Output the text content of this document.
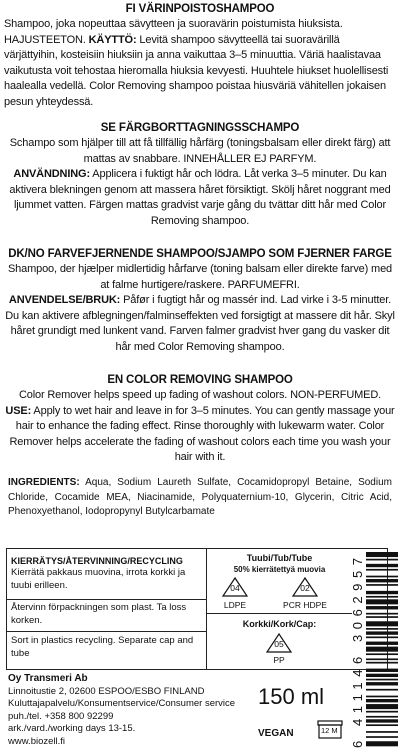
FI VÄRINPOISTOSHAMPOO

Shampoo, joka nopeuttaa sävytteen ja suoravärin poistumista hiuksista. HAJUSTEETON. KÄYTTÖ: Levitä shampoo sävytteellä tai suoravärillä värjättyihin, kosteisiin hiuksiin ja anna vaikuttaa 3–5 minuuttia. Väriä haalistavaa vaikutusta voit tehostaa hieromalla hiuksia kevyesti. Huuhtele hiukset huolellisesti haalealla vedellä. Color Removing shampoo poistaa hiusväriä vähitellen jokaisen pesun yhteydessä.

SE FÄRGBORTTAGNINGSSCHAMPO

Schampo som hjälper till att få tillfällig hårfärg (toningsbalsam eller direkt färg) att mattas av snabbare. INNEHÅLLER EJ PARFYM.

ANVÄNDNING: Applicera i fuktigt hår och lödra. Låt verka 3–5 minuter. Du kan aktivera blekningen genom att massera håret försiktigt. Skölj håret noggrant med ljummet vatten. Färgen mattas gradvist varje gång du tvättar ditt hår med Color Removing shampoo.

DK/NO FARVEFJERNENDE SHAMPOO/SJAMPO SOM FJERNER FARGE

Shampoo, der hjælper midlertidig hårfarve (toning balsam eller direkte farve) med at falme hurtigere/raskere. PARFUMEFRI.

ANVENDELSE/BRUK: Påfør i fugtigt hår og massér ind. Lad virke i 3-5 minutter. Du kan aktivere afblegningen/falminseffekten ved forsigtigt at massere dit hår. Skyl håret grundigt med lunkent vand. Farven falmer gradvist hver gang du vasker dit hår med Color Removing shampoo.

EN COLOR REMOVING SHAMPOO

Color Remover helps speed up fading of washout colors. NON-PERFUMED.

USE: Apply to wet hair and leave in for 3–5 minutes. You can gently massage your hair to enhance the fading effect. Rinse thoroughly with lukewarm water. Color Remover helps accelerate the fading of washout colors each time you wash your hair with it.

INGREDIENTS: Aqua, Sodium Laureth Sulfate, Cocamidopropyl Betaine, Sodium Chloride, Cocamide MEA, Niacinamide, Polyquaternium-10, Glycerin, Citric Acid, Phenoxyethanol, Iodopropynyl Butylcarbamate
KIERRÄTYS/ÅTERVINNING/RECYCLING
Kierrätä pakkaus muovina, irrota korkki ja tuubi erilleen.
Återvinn förpackningen som plast. Ta loss korken.
Sort in plastics recycling. Separate cap and tube
Tuubi/Tub/Tube
50% kierrätettyä muovia
04
LDPE
02
PCR HDPE
Korkki/Kork/Cap:
05
PP
Oy Transmeri Ab
Linnoitustie 2, 02600 ESPOO/ESBO FINLAND
Kuluttajapalvelu/Konsumentservice/Consumer service
puh./tel. +358 800 92299
ark./vard./working days 13-15.
www.biozell.fi
150 ml
VEGAN	12 M
6 411146 3062957
